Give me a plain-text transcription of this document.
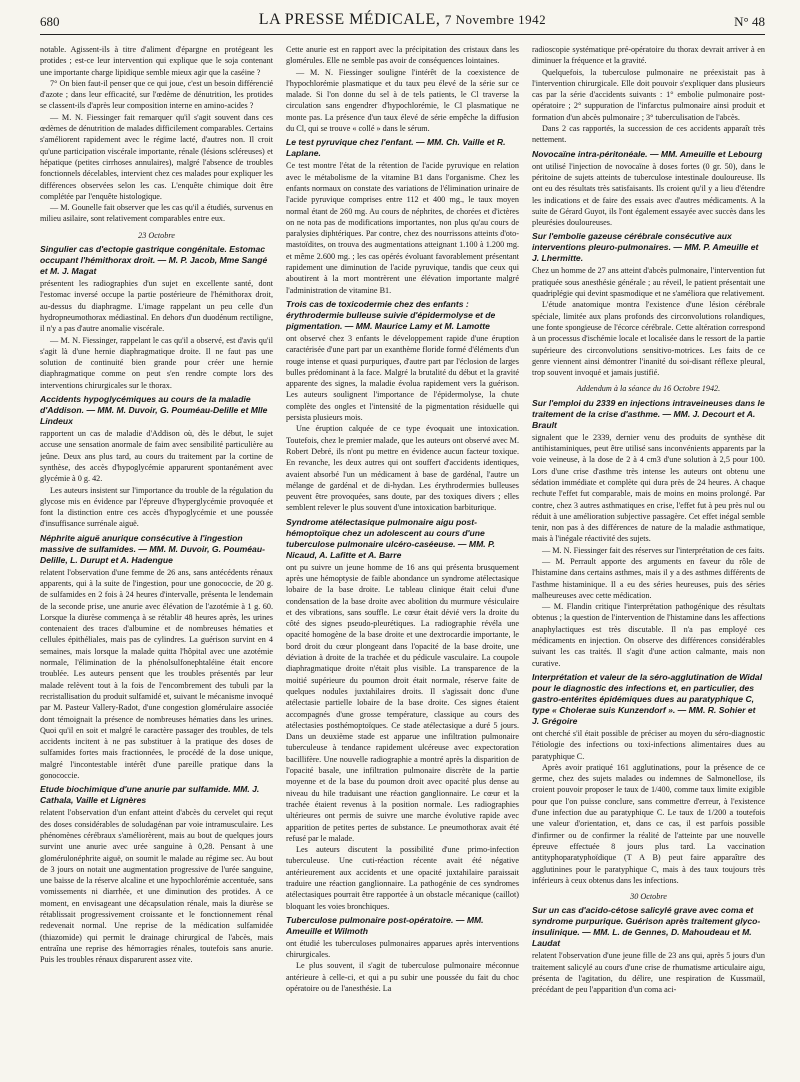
680	LA PRESSE MÉDICALE, 7 Novembre 1942	N° 48

notable. Agissent-ils à titre d'aliment d'épargne en protégeant les protides ; est-ce leur intervention qui explique que le soja contenant une importante charge lipidique semble mieux agir que la caséine ?

7° On bien faut-il penser que ce qui joue, c'est un besoin différencié d'azote ; dans leur efficacité, sur l'œdème de dénutrition, les protides se classent-ils d'après leur composition interne en amino-acides ?

— M. N. Fiessinger fait remarquer qu'il s'agit souvent dans ces œdèmes de dénutrition de malades difficilement comparables. Certains s'améliorent rapidement avec le régime lacté, d'autres non. Il croit qu'une participation viscérale importante, rénale (lésions scléreuses) et hépatique (petites cirrhoses annulaires), malgré l'absence de troubles fonctionnels décelables, intervient chez ces malades pour expliquer les différences observées selon les cas. L'enquête chimique doit être complétée par l'enquête histologique.

— M. Gounelle fait observer que les cas qu'il a étudiés, survenus en milieu asilaire, sont relativement comparables entre eux.

23 Octobre
Singulier cas d'ectopie gastrique congénitale. Estomac occupant l'hémithorax droit. — M. P. Jacob, Mme Sangé et M. J. Magat

présentent les radiographies d'un sujet en excellente santé, dont l'estomac inversé occupe la partie postérieure de l'hémithorax droit, au-dessus du diaphragme. L'image rappelant un peu celle d'un hydropneumothorax médiastinal. En dehors d'un duodénum rectiligne, il n'y a pas d'autre anomalie viscérale.

— M. N. Fiessinger, rappelant le cas qu'il a observé, est d'avis qu'il s'agit là d'une hernie diaphragmatique droite. Il ne faut pas une solution de continuité bien grande pour créer une hernie diaphragmatique comme on peut s'en rendre compte lors des interventions chirurgicales sur le thorax.

Accidents hypoglycémiques au cours de la maladie d'Addison. — MM. M. Duvoir, G. Pouméau-Delille et Mlle Lindeux

rapportent un cas de maladie d'Addison où, dès le début, le sujet accuse une sensation anormale de faim avec sensibilité particulière au jeûne. Deux ans plus tard, au cours du traitement par la cortine de synthèse, des accès d'hypoglycémie apparurent spontanément avec glycémie à 0 g. 42.

Les auteurs insistent sur l'importance du trouble de la régulation du glycose mis en évidence par l'épreuve d'hyperglycémie provoquée et font la distinction entre ces accès d'hypoglycémie et une poussée d'insuffisance surrénale aiguë.

Néphrite aiguë anurique consécutive à l'ingestion massive de sulfamides. — MM. M. Duvoir, G. Pouméau-Delille, L. Durupt et A. Hadengue

relatent l'observation d'une femme de 26 ans, sans antécédents rénaux apparents, qui à la suite de l'ingestion, pour une gonococcie, de 20 g. de sulfamides en 2 fois à 24 heures d'intervalle, présenta le lendemain de la seconde prise, une anurie avec élévation de l'azotémie à 1 g. 60. Lorsque la diurèse commença à se rétablir 48 heures après, les urines contenaient des traces d'albumine et de nombreuses hématies et cellules épithéliales, mais pas de cylindres. La guérison survint en 4 semaines, mais lorsque la malade quitta l'hôpital avec une azotémie normale, l'élimination de la phénolsulfonephtaléine était encore troublée. Les auteurs pensent que les troubles présentés par leur malade relèvent tout à la fois de l'encombrement des tubuli par la recristallisation du produit sulfamidé et, suivant le mécanisme invoqué par M. Pasteur Vallery-Radot, d'une congestion glomérulaire associée dont témoignait la présence de nombreuses hématies dans les urines. Quoi qu'il en soit et malgré le caractère passager des troubles, de tels accidents incitent à ne pas substituer à la pratique des doses de sulfamides fortes mais fractionnées, le procédé de la dose unique, malgré l'incontestable intérêt d'une pareille pratique dans la gonococcie.

Etude biochimique d'une anurie par sulfamide. MM. J. Cathala, Vaille et Lignères

relatent l'observation d'un enfant atteint d'abcès du cervelet qui reçut des doses considérables de soludagénan par voie intramusculaire. Les phénomènes cérébraux s'améliorèrent, mais au bout de quelques jours survint une anurie avec urée sanguine à 0,28. Pensant à une glomérulonéphrite aiguë, on soumit le malade au régime sec. Au bout de 3 jours on notait une augmentation progressive de l'urée sanguine, une baisse de la réserve alcaline et une hypochlorémie accentuée, sans vomissements ni diarrhée, et une diminution des protides. A ce moment, en envisageant une décapsulation rénale, mais la diurèse se rétablissait progressivement croissante et le fonctionnement rénal redevenait normal. Une reprise de la médication sulfamidée (thiazomide) qui permit le drainage chirurgical de l'abcès, mais entraîna une reprise des hémorragies rénales, toutefois sans anurie. Puis les troubles rénaux disparurent assez vite.

Cette anurie est en rapport avec la précipitation des cristaux dans les glomérules. Elle ne semble pas avoir de conséquences lointaines.

— M. N. Fiessinger souligne l'intérêt de la coexistence de l'hypochlorémie plasmatique et du taux peu élevé de la série sur ce malade. Si l'on donne du sel à de tels patients, le Cl traverse la circulation sans engendrer d'hypochlorémie, le Cl plasmatique ne monte pas. La présence d'un taux élevé de série empêche la diffusion du Cl, qui se trouve « collé » dans le sérum.

Le test pyruvique chez l'enfant. — MM. Ch. Vaille et R. Laplane.

Ce test montre l'état de la rétention de l'acide pyruvique en relation avec le métabolisme de la vitamine B1 dans l'organisme. Chez les enfants normaux on constate des variations de l'élimination urinaire de l'acide pyruvique comprises entre 112 et 400 mg., le taux moyen normal étant de 260 mg. Au cours de néphrites, de chorées et d'ictères on ne nota pas de modifications importantes, non plus qu'au cours de paralysies diphtériques. Par contre, chez des nourrissons atteints d'oto-mastoïdites, on trouva des augmentations atteignant 1.100 à 1.200 mg. et même 2.600 mg. ; les cas opérés évoluant favorablement présentant rapidement une diminution de l'acide pyruvique, tandis que ceux qui aboutirent à la mort montrèrent une élévation importante malgré l'administration de vitamine B1.

Trois cas de toxicodermie chez des enfants : érythrodermie bulleuse suivie d'épidermolyse et de pigmentation. — MM. Maurice Lamy et M. Lamotte

ont observé chez 3 enfants le développement rapide d'une éruption caractérisée d'une part par un exanthème floride formé d'éléments d'un rouge intense et quasi purpuriques, d'autre part par l'éclosion de larges bulles prédominant à la face. Malgré la brutalité du début et la gravité apparente des signes, la maladie évolua rapidement vers la guérison. Les auteurs soulignent l'importance de l'épidermolyse, la chute complète des ongles et l'intensité de la pigmentation résiduelle qui persista plusieurs mois.

Une éruption calquée de ce type évoquait une intoxication. Toutefois, chez le premier malade, que les auteurs ont observé avec M. Robert Debré, ils n'ont pu mettre en évidence aucun facteur toxique. En revanche, les deux autres qui ont souffert d'accidents identiques, avaient absorbé l'un un médicament à base de gardénal, l'autre un mélange de gardénal et de di-hydan. Les érythrodermies bulleuses peuvent être provoquées, sans doute, par des toxiques divers ; elles semblent relever le plus souvent d'une intoxication barbiturique.

Syndrome atélectasique pulmonaire aigu post-hémoptoïque chez un adolescent au cours d'une tuberculose pulmonaire ulcéro-caséeuse. — MM. P. Nicaud, A. Lafitte et A. Barre

ont pu suivre un jeune homme de 16 ans qui présenta brusquement après une hémoptysie de faible abondance un syndrome atélectasique lobaire de la base droite. Le tableau clinique était celui d'une condensation de la base droite avec abolition du murmure vésiculaire et des vibrations, sans souffle. Le cœur était dévié vers la droite du côté des signes pseudo-pleurétiques. La radiographie révéla une opacité homogène de la base droite et une dextrocardie importante, le bord droit du cœur plongeant dans l'opacité de la base droite, une déviation à droite de la trachée et du pédicule vasculaire. La coupole diaphragmatique droite n'était plus visible. La transparence de la moitié supérieure du poumon droit était normale, réserve faite de quelques nodules juxtahilaires droits. Il s'agissait donc d'une atélectasie partielle lobaire de la base droite. Ces signes étaient accompagnés d'une grosse température, classique au cours des atélectasies posthémoptoïques. Ce stade atélectasique a duré 5 jours. Dans un deuxième stade est apparue une infiltration pulmonaire tuberculeuse à tendance rapidement ulcéreuse avec expectoration bacillifère. Une nouvelle radiographie a montré après la disparition de l'opacité basale, une infiltration pulmonaire discrète de la partie moyenne et de la base du poumon droit avec opacité plus dense au niveau du hile traduisant une réaction ganglionnaire. Le cœur et la trachée étaient revenus à la position normale. Les radiographies ultérieures ont permis de suivre une marche évolutive rapide avec apparition de petites pertes de substance. Le pneumothorax avait été refusé par le malade.

Les auteurs discutent la possibilité d'une primo-infection tuberculeuse. Une cuti-réaction récente avait été négative antérieurement aux accidents et une opacité juxtahilaire paraissait traduire une réaction ganglionnaire. La pathogénie de ces syndromes atélectasiques pourrait être rapportée à un obstacle mécanique (caillot) bloquant les voies bronchiques.

Tuberculose pulmonaire post-opératoire. — MM. Ameuille et Wilmoth

ont étudié les tuberculoses pulmonaires apparues après interventions chirurgicales.

Le plus souvent, il s'agit de tuberculose pulmonaire méconnue antérieure à celle-ci, et qui a pu subir une poussée du fait du choc opératoire ou de l'anesthésie. La

radioscopie systématique pré-opératoire du thorax devrait arriver à en diminuer la fréquence et la gravité.

Quelquefois, la tuberculose pulmonaire ne préexistait pas à l'intervention chirurgicale. Elle doit pouvoir s'expliquer dans plusieurs cas par la série d'accidents suivants : 1° embolie pulmonaire post-opératoire ; 2° suppuration de l'infarctus pulmonaire ainsi produit et formation d'un abcès pulmonaire ; 3° tuberculisation de l'abcès.

Dans 2 cas rapportés, la succession de ces accidents apparaît très nettement.

Novocaïne intra-péritonéale. — MM. Ameuille et Lebourg

ont utilisé l'injection de novocaïne à doses fortes (0 gr. 50), dans le péritoine de sujets atteints de tuberculose intestinale douloureuse. Ils ont eu des résultats très satisfaisants. Ils croient qu'il y a lieu d'étendre les indications et de faire des essais avec d'autres médicaments. A la suite de Gérard Guyot, ils l'ont également essayée avec succès dans les pleurésies douloureuses.

Sur l'embolie gazeuse cérébrale consécutive aux interventions pleuro-pulmonaires. — MM. P. Ameuille et J. Lhermitte.

Chez un homme de 27 ans atteint d'abcès pulmonaire, l'intervention fut pratiquée sous anesthésie générale ; au réveil, le patient présentait une quadriplégie qui devint spasmodique et ne s'améliora que relativement.

L'étude anatomique montra l'existence d'une lésion cérébrale spéciale, limitée aux plans profonds des circonvolutions rolandiques, une fonte spongieuse de l'écorce cérébrale. Cette altération correspond à un processus d'ischémie locale et localisée dans le ressort de la partie supérieure des circonvolutions sensitivo-motrices. Les faits de ce genre viennent ainsi démontrer l'inanité du soi-disant réflexe pleural, trop souvent invoqué et jamais justifié.

Addendum à la séance du 16 Octobre 1942.
Sur l'emploi du 2339 en injections intraveineuses dans le traitement de la crise d'asthme. — MM. J. Decourt et A. Brault

signalent que le 2339, dernier venu des produits de synthèse dit antihistaminiques, peut être utilisé sans inconvénients apparents par la voie veineuse, à la dose de 2 à 4 cm3 d'une solution à 2,5 pour 100. Lors d'une crise d'asthme très intense les auteurs ont obtenu une sédation immédiate et complète qui dura près de 24 heures. A chaque rechute l'effet fut comparable, mais de moins en moins prolongé. Par contre, chez 3 autres asthmatiques en crise, l'effet fut à peu près nul ou réduit à une amélioration subjective passagère. Cet effet inégal semble tenir, non pas à des différences de nature de la maladie asthmatique, mais à l'inégale réactivité des sujets.

— M. N. Fiessinger fait des réserves sur l'interprétation de ces faits.

— M. Perrault apporte des arguments en faveur du rôle de l'histamine dans certains asthmes, mais il y a des asthmes différents de l'asthme histaminique. Il a eu des séries heureuses, puis des séries malheureuses avec cette médication.

— M. Flandin critique l'interprétation pathogénique des résultats obtenus ; la question de l'intervention de l'histamine dans les affections anaphylactiques est très discutable. Il n'a pas employé ces médicaments en injection. On observe des différences considérables suivant les cas traités. Il s'agit d'une action calmante, mais non curative.

Interprétation et valeur de la séro-agglutination de Widal pour le diagnostic des infections et, en particulier, des gastro-entérites épidémiques dues au paratyphique C, type « Cholerae suis Kunzendorf ». — MM. R. Sohier et J. Grégoire

ont cherché s'il était possible de préciser au moyen du séro-diagnostic l'étiologie des infections ou toxi-infections alimentaires dues au paratyphique C.

Après avoir pratiqué 161 agglutinations, pour la présence de ce germe, chez des sujets malades ou indemnes de Salmonellose, ils croient pouvoir proposer le taux de 1/400, comme taux limite exigible pour que l'on puisse conclure, sans commettre d'erreur, à l'existence d'une infection due au paratyphique C. Le taux de 1/200 a toutefois une valeur d'orientation, et, dans ce cas, il est parfois possible d'infirmer ou de confirmer la réalité de l'atteinte par une nouvelle épreuve effectuée 8 jours plus tard. La vaccination antityphoparatyphoïdique (T A B) peut faire apparaître des agglutinines pour le paratyphique C, mais à des taux toujours très inférieurs à ceux obtenus dans les infections.

30 Octobre
Sur un cas d'acido-cétose salicylé grave avec coma et syndrome purpurique. Guérison après traitement glyco-insulinique. — MM. L. de Gennes, D. Mahoudeau et M. Laudat

relatent l'observation d'une jeune fille de 23 ans qui, après 5 jours d'un traitement salicylé au cours d'une crise de rhumatisme articulaire aigu, présenta de l'agitation, du délire, une respiration de Kussmaül, précédant de peu l'apparition d'un coma aci-
